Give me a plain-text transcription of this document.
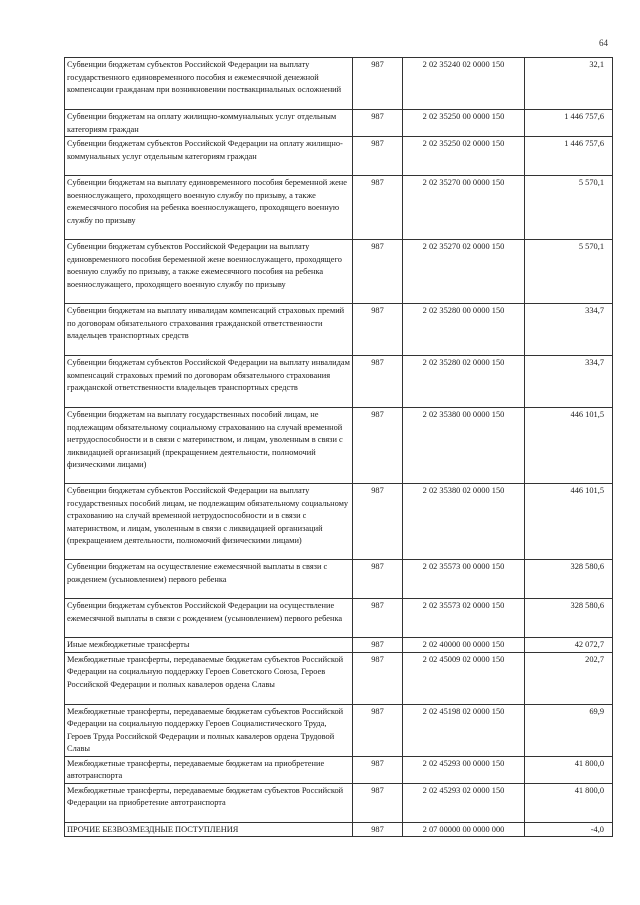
64
Субвенции бюджетам субъектов Российской Федерации на выплату государственного единовременного пособия и ежемесячной денежной компенсации гражданам при возникновении поствакцинальных осложнений	987	2 02 35240 02 0000 150	32,1
Субвенции бюджетам на оплату жилищно-коммунальных услуг отдельным категориям граждан	987	2 02 35250 00 0000 150	1 446 757,6
Субвенции бюджетам субъектов Российской Федерации на оплату жилищно-коммунальных услуг отдельным категориям граждан	987	2 02 35250 02 0000 150	1 446 757,6
Субвенции бюджетам на выплату единовременного пособия беременной жене военнослужащего, проходящего военную службу по призыву, а также ежемесячного пособия на ребенка военнослужащего, проходящего военную службу по призыву	987	2 02 35270 00 0000 150	5 570,1
Субвенции бюджетам субъектов Российской Федерации на выплату единовременного пособия беременной жене военнослужащего, проходящего военную службу по призыву, а также ежемесячного пособия на ребенка военнослужащего, проходящего военную службу по призыву	987	2 02 35270 02 0000 150	5 570,1
Субвенции бюджетам на выплату инвалидам компенсаций страховых премий по договорам обязательного страхования гражданской ответственности владельцев транспортных средств	987	2 02 35280 00 0000 150	334,7
Субвенции бюджетам субъектов Российской Федерации на выплату инвалидам компенсаций страховых премий по договорам обязательного страхования гражданской ответственности владельцев транспортных средств	987	2 02 35280 02 0000 150	334,7
Субвенции бюджетам на выплату государственных пособий лицам, не подлежащим обязательному социальному страхованию на случай временной нетрудоспособности и в связи с материнством, и лицам, уволенным в связи с ликвидацией организаций (прекращением деятельности, полномочий физическими лицами)	987	2 02 35380 00 0000 150	446 101,5
Субвенции бюджетам субъектов Российской Федерации на выплату государственных пособий лицам, не подлежащим обязательному социальному страхованию на случай временной нетрудоспособности и в связи с материнством, и лицам, уволенным в связи с ликвидацией организаций (прекращением деятельности, полномочий физическими лицами)	987	2 02 35380 02 0000 150	446 101,5
Субвенции бюджетам на осуществление ежемесячной выплаты в связи с рождением (усыновлением) первого ребенка	987	2 02 35573 00 0000 150	328 580,6
Субвенции бюджетам субъектов Российской Федерации на осуществление ежемесячной выплаты в связи с рождением (усыновлением) первого ребенка	987	2 02 35573 02 0000 150	328 580,6
Иные межбюджетные трансферты	987	2 02 40000 00 0000 150	42 072,7
Межбюджетные трансферты, передаваемые бюджетам субъектов Российской Федерации на социальную поддержку Героев Советского Союза, Героев Российской Федерации и полных кавалеров ордена Славы	987	2 02 45009 02 0000 150	202,7
Межбюджетные трансферты, передаваемые бюджетам субъектов Российской Федерации на социальную поддержку Героев Социалистического Труда, Героев Труда Российской Федерации и полных кавалеров ордена Трудовой Славы	987	2 02 45198 02 0000 150	69,9
Межбюджетные трансферты, передаваемые бюджетам на приобретение автотранспорта	987	2 02 45293 00 0000 150	41 800,0
Межбюджетные трансферты, передаваемые бюджетам субъектов Российской Федерации на приобретение автотранспорта	987	2 02 45293 02 0000 150	41 800,0
ПРОЧИЕ БЕЗВОЗМЕЗДНЫЕ ПОСТУПЛЕНИЯ	987	2 07 00000 00 0000 000	-4,0
